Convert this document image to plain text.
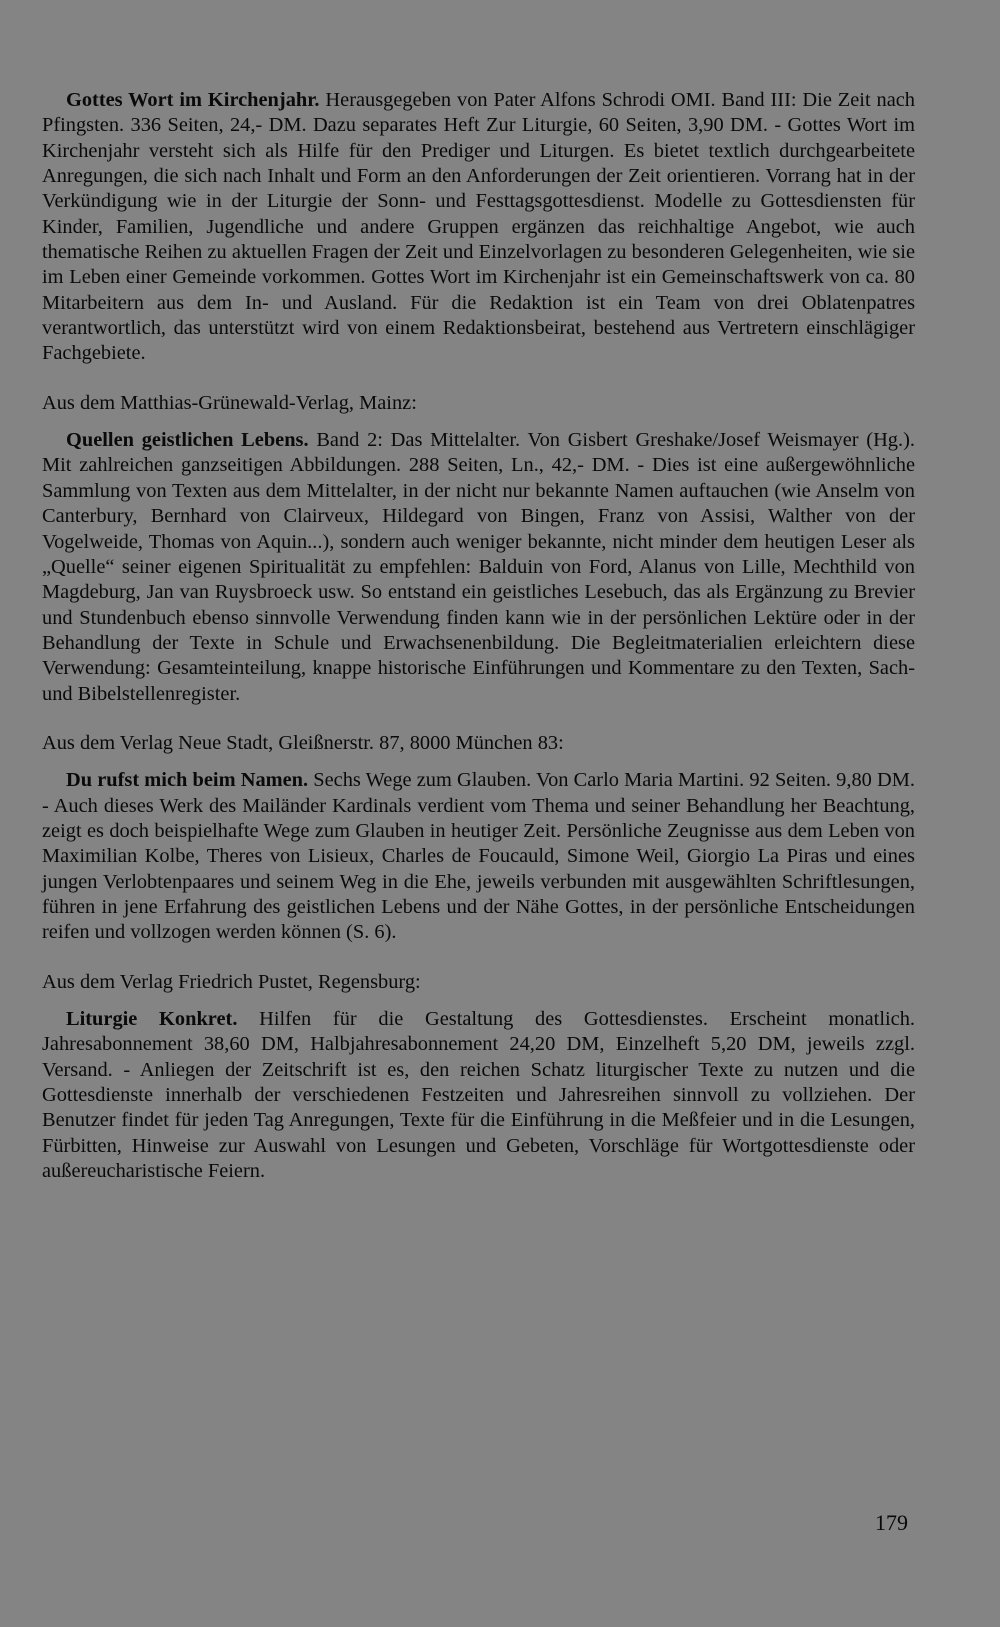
Gottes Wort im Kirchenjahr. Herausgegeben von Pater Alfons Schrodi OMI. Band III: Die Zeit nach Pfingsten. 336 Seiten, 24,- DM. Dazu separates Heft Zur Liturgie, 60 Seiten, 3,90 DM. - Gottes Wort im Kirchenjahr versteht sich als Hilfe für den Prediger und Liturgen. Es bietet textlich durchgearbeitete Anregungen, die sich nach Inhalt und Form an den Anforderungen der Zeit orientieren. Vorrang hat in der Verkündigung wie in der Liturgie der Sonn- und Festtagsgottesdienst. Modelle zu Gottesdiensten für Kinder, Familien, Jugendliche und andere Gruppen ergänzen das reichhaltige Angebot, wie auch thematische Reihen zu aktuellen Fragen der Zeit und Einzelvorlagen zu besonderen Gelegenheiten, wie sie im Leben einer Gemeinde vorkommen. Gottes Wort im Kirchenjahr ist ein Gemeinschaftswerk von ca. 80 Mitarbeitern aus dem In- und Ausland. Für die Redaktion ist ein Team von drei Oblatenpatres verantwortlich, das unterstützt wird von einem Redaktionsbeirat, bestehend aus Vertretern einschlägiger Fachgebiete.

Aus dem Matthias-Grünewald-Verlag, Mainz:

Quellen geistlichen Lebens. Band 2: Das Mittelalter. Von Gisbert Greshake/Josef Weismayer (Hg.). Mit zahlreichen ganzseitigen Abbildungen. 288 Seiten, Ln., 42,- DM. - Dies ist eine außergewöhnliche Sammlung von Texten aus dem Mittelalter, in der nicht nur bekannte Namen auftauchen (wie Anselm von Canterbury, Bernhard von Clairveux, Hildegard von Bingen, Franz von Assisi, Walther von der Vogelweide, Thomas von Aquin...), sondern auch weniger bekannte, nicht minder dem heutigen Leser als „Quelle“ seiner eigenen Spiritualität zu empfehlen: Balduin von Ford, Alanus von Lille, Mechthild von Magdeburg, Jan van Ruysbroeck usw. So entstand ein geistliches Lesebuch, das als Ergänzung zu Brevier und Stundenbuch ebenso sinnvolle Verwendung finden kann wie in der persönlichen Lektüre oder in der Behandlung der Texte in Schule und Erwachsenenbildung. Die Begleitmaterialien erleichtern diese Verwendung: Gesamteinteilung, knappe historische Einführungen und Kommentare zu den Texten, Sach- und Bibelstellenregister.

Aus dem Verlag Neue Stadt, Gleißnerstr. 87, 8000 München 83:

Du rufst mich beim Namen. Sechs Wege zum Glauben. Von Carlo Maria Martini. 92 Seiten. 9,80 DM. - Auch dieses Werk des Mailänder Kardinals verdient vom Thema und seiner Behandlung her Beachtung, zeigt es doch beispielhafte Wege zum Glauben in heutiger Zeit. Persönliche Zeugnisse aus dem Leben von Maximilian Kolbe, Theres von Lisieux, Charles de Foucauld, Simone Weil, Giorgio La Piras und eines jungen Verlobtenpaares und seinem Weg in die Ehe, jeweils verbunden mit ausgewählten Schriftlesungen, führen in jene Erfahrung des geistlichen Lebens und der Nähe Gottes, in der persönliche Entscheidungen reifen und vollzogen werden können (S. 6).

Aus dem Verlag Friedrich Pustet, Regensburg:

Liturgie Konkret. Hilfen für die Gestaltung des Gottesdienstes. Erscheint monatlich. Jahresabonnement 38,60 DM, Halbjahresabonnement 24,20 DM, Einzelheft 5,20 DM, jeweils zzgl. Versand. - Anliegen der Zeitschrift ist es, den reichen Schatz liturgischer Texte zu nutzen und die Gottesdienste innerhalb der verschiedenen Festzeiten und Jahresreihen sinnvoll zu vollziehen. Der Benutzer findet für jeden Tag Anregungen, Texte für die Einführung in die Meßfeier und in die Lesungen, Fürbitten, Hinweise zur Auswahl von Lesungen und Gebeten, Vorschläge für Wortgottesdienste oder außereucharistische Feiern.

179
